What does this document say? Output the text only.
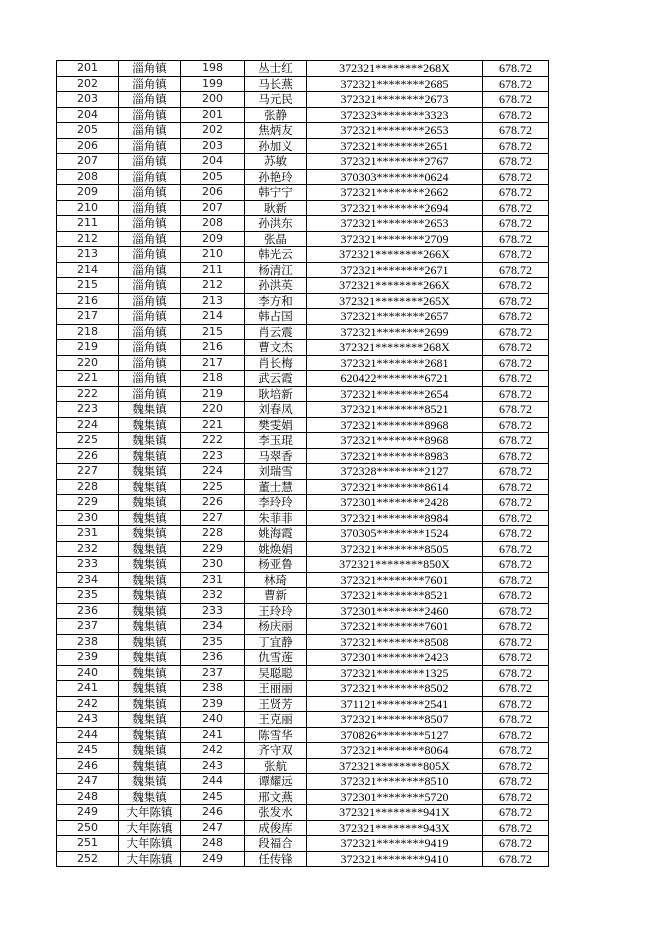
201	淄角镇	198	丛士红	372321********268X	678.72
202	淄角镇	199	马长燕	372321********2685	678.72
203	淄角镇	200	马元民	372321********2673	678.72
204	淄角镇	201	张静	372323********3323	678.72
205	淄角镇	202	焦炳友	372321********2653	678.72
206	淄角镇	203	孙加义	372321********2651	678.72
207	淄角镇	204	苏敏	372321********2767	678.72
208	淄角镇	205	孙艳玲	370303********0624	678.72
209	淄角镇	206	韩宁宁	372321********2662	678.72
210	淄角镇	207	耿新	372321********2694	678.72
211	淄角镇	208	孙洪东	372321********2653	678.72
212	淄角镇	209	张晶	372321********2709	678.72
213	淄角镇	210	韩光云	372321********266X	678.72
214	淄角镇	211	杨清江	372321********2671	678.72
215	淄角镇	212	孙洪英	372321********266X	678.72
216	淄角镇	213	李方和	372321********265X	678.72
217	淄角镇	214	韩占国	372321********2657	678.72
218	淄角镇	215	肖云震	372321********2699	678.72
219	淄角镇	216	曹文杰	372321********268X	678.72
220	淄角镇	217	肖长梅	372321********2681	678.72
221	淄角镇	218	武云霞	620422********6721	678.72
222	淄角镇	219	耿培新	372321********2654	678.72
223	魏集镇	220	刘春凤	372321********8521	678.72
224	魏集镇	221	樊雯娟	372321********8968	678.72
225	魏集镇	222	李玉琨	372321********8968	678.72
226	魏集镇	223	马翠香	372321********8983	678.72
227	魏集镇	224	刘瑞雪	372328********2127	678.72
228	魏集镇	225	董士慧	372321********8614	678.72
229	魏集镇	226	李玲玲	372301********2428	678.72
230	魏集镇	227	朱菲菲	372321********8984	678.72
231	魏集镇	228	姚海霞	370305********1524	678.72
232	魏集镇	229	姚焕娟	372321********8505	678.72
233	魏集镇	230	杨亚鲁	372321********850X	678.72
234	魏集镇	231	林琦	372321********7601	678.72
235	魏集镇	232	曹新	372321********8521	678.72
236	魏集镇	233	王玲玲	372301********2460	678.72
237	魏集镇	234	杨庆丽	372321********7601	678.72
238	魏集镇	235	丁宜静	372321********8508	678.72
239	魏集镇	236	仇雪莲	372301********2423	678.72
240	魏集镇	237	吴聪聪	372321********1325	678.72
241	魏集镇	238	王丽丽	372321********8502	678.72
242	魏集镇	239	王贤芳	371121********2541	678.72
243	魏集镇	240	王克丽	372321********8507	678.72
244	魏集镇	241	陈雪华	370826********5127	678.72
245	魏集镇	242	齐守双	372321********8064	678.72
246	魏集镇	243	张航	372321********805X	678.72
247	魏集镇	244	谭耀远	372321********8510	678.72
248	魏集镇	245	邢文燕	372301********5720	678.72
249	大年陈镇	246	张发水	372321********941X	678.72
250	大年陈镇	247	成俊库	372321********943X	678.72
251	大年陈镇	248	段福合	372321********9419	678.72
252	大年陈镇	249	任传锋	372321********9410	678.72
